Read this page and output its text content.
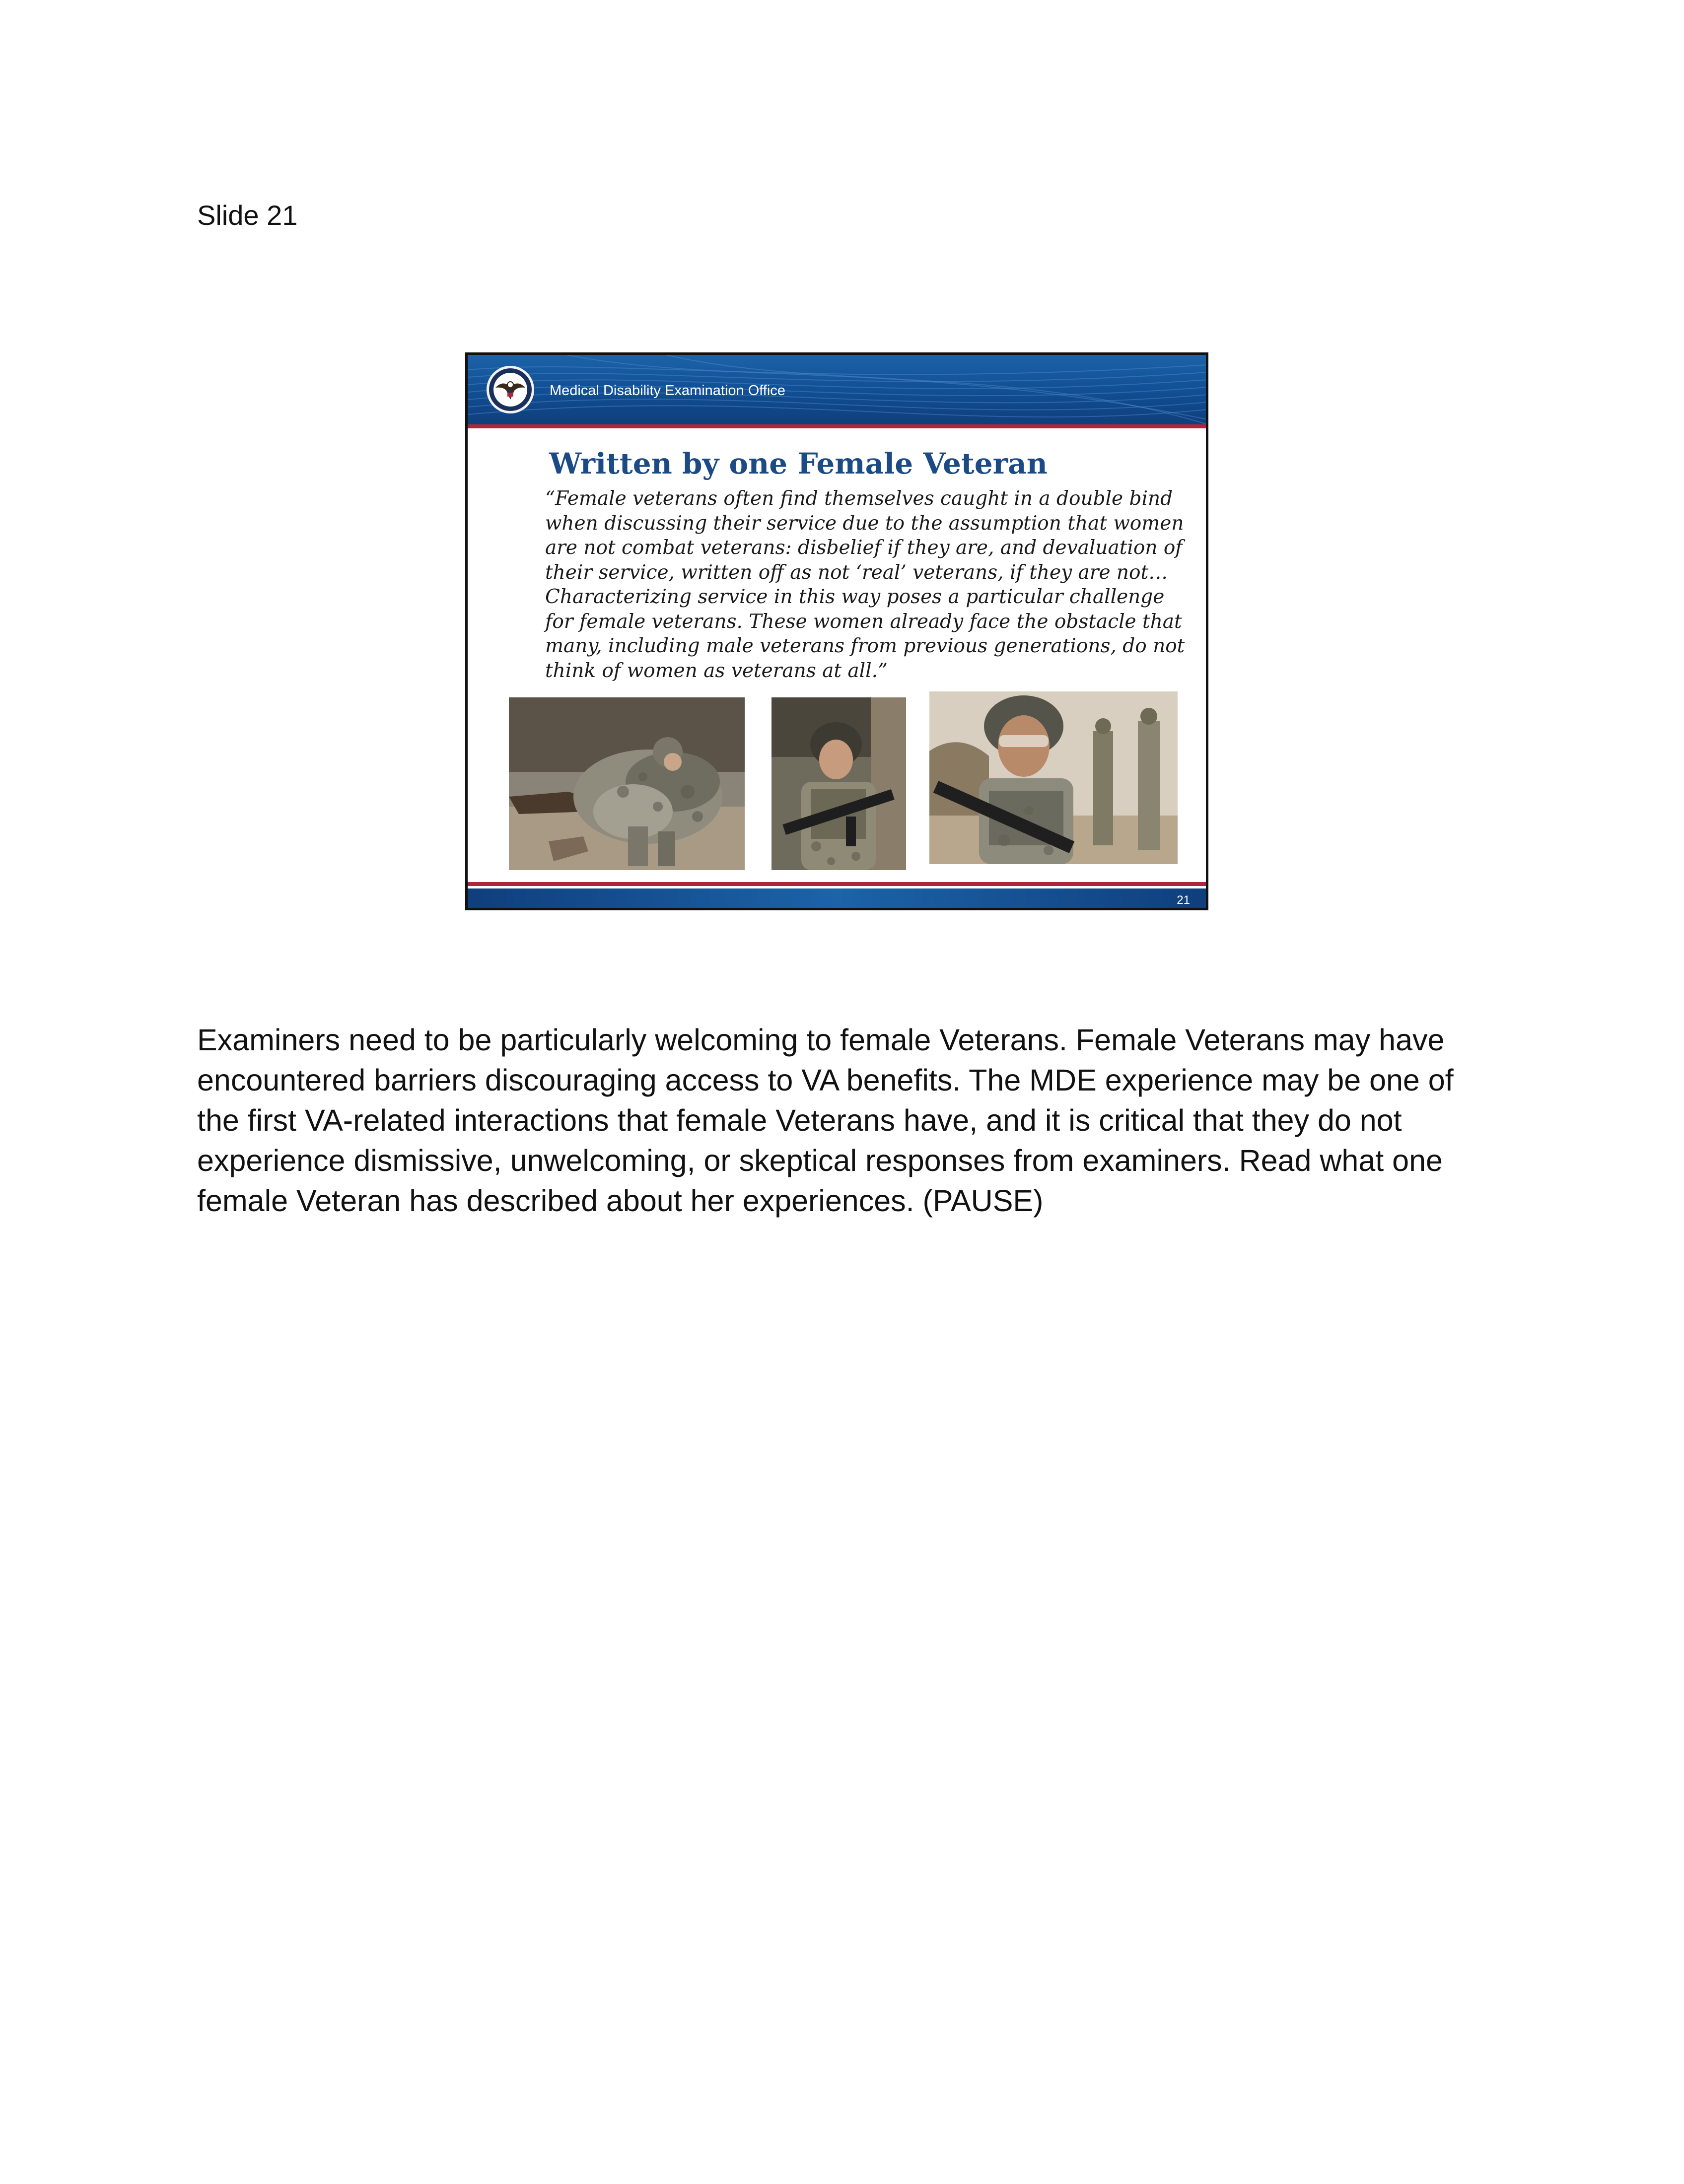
Slide 21
Medical Disability Examination Office
Written by one Female Veteran

“Female veterans often find themselves caught in a double bind
when discussing their service due to the assumption that women
are not combat veterans: disbelief if they are, and devaluation of
their service, written off as not ‘real’ veterans, if they are not…
Characterizing service in this way poses a particular challenge
for female veterans. These women already face the obstacle that
many, including male veterans from previous generations, do not
think of women as veterans at all.”

21

Examiners need to be particularly welcoming to female Veterans. Female Veterans may have
encountered barriers discouraging access to VA benefits. The MDE experience may be one of
the first VA-related interactions that female Veterans have, and it is critical that they do not
experience dismissive, unwelcoming, or skeptical responses from examiners. Read what one
female Veteran has described about her experiences. (PAUSE)
